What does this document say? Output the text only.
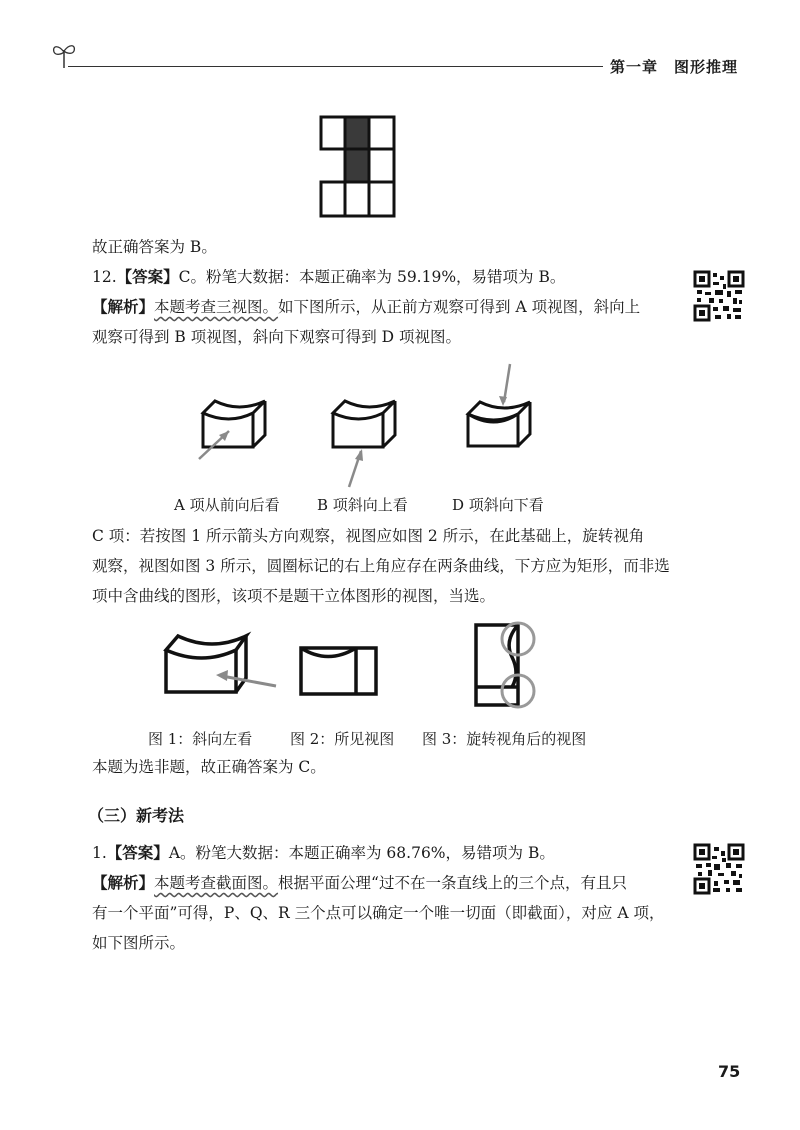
第一章　图形推理
故正确答案为 B。
12.【答案】C。粉笔大数据：本题正确率为 59.19%，易错项为 B。
【解析】本题考查三视图。如下图所示，从正前方观察可得到 A 项视图，斜向上
观察可得到 B 项视图，斜向下观察可得到 D 项视图。
A 项从前向后看 B 项斜向上看	D 项斜向下看
C 项：若按图 1 所示箭头方向观察，视图应如图 2 所示，在此基础上，旋转视角
观察，视图如图 3 所示，圆圈标记的右上角应存在两条曲线，下方应为矩形，而非选
项中含曲线的图形，该项不是题干立体图形的视图，当选。
图 1：斜向左看	图 2：所见视图 图 3：旋转视角后的视图
本题为选非题，故正确答案为 C。
（三）新考法
1.【答案】A。粉笔大数据：本题正确率为 68.76%，易错项为 B。
【解析】本题考查截面图。根据平面公理“过不在一条直线上的三个点，有且只
有一个平面”可得，P、Q、R 三个点可以确定一个唯一切面（即截面），对应 A 项，
如下图所示。
75
